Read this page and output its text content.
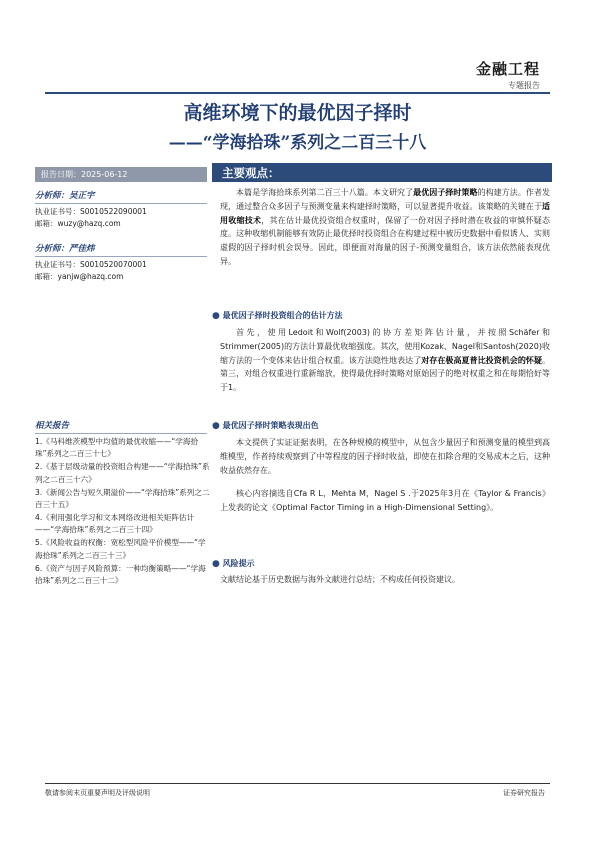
金融工程
专题报告
高维环境下的最优因子择时
——“学海拾珠”系列之二百三十八
报告日期：2025-06-12
分析师：吴正宇
执业证书号：S0010522090001
邮箱：wuzy@hazq.com
分析师：严佳炜
执业证书号：S0010520070001
邮箱：yanjw@hazq.com
相关报告
1.《马科维茨模型中均值的最优收缩——“学海拾珠”系列之二百三十七》
2.《基于层级动量的投资组合构建——“学海拾珠”系列之二百三十六》
3.《新闻公告与短久期溢价——“学海拾珠”系列之二百三十五》
4.《利用强化学习和文本网络改进相关矩阵估计——“学海拾珠”系列之二百三十四》
5.《风险收益的权衡：宽松型风险平价模型——“学海拾珠”系列之二百三十三》
6.《资产与因子风险预算：一种均衡策略——“学海拾珠”系列之二百三十二》
主要观点：

本篇是学海拾珠系列第二百三十八篇。本文研究了最优因子择时策略的构建方法。作者发现，通过整合众多因子与预测变量来构建择时策略，可以显著提升收益。该策略的关键在于适用收缩技术，其在估计最优投资组合权重时，保留了一份对因子择时潜在收益的审慎怀疑态度。这种收缩机制能够有效防止最优择时投资组合在构建过程中被历史数据中看似诱人、实则虚假的因子择时机会误导。因此，即便面对海量的因子-预测变量组合，该方法依然能表现优异。

● 最优因子择时投资组合的估计方法

首先，使用Ledoit和Wolf(2003)的协方差矩阵估计量，并按照Schäfer和Strimmer(2005)的方法计算最优收缩强度。其次，使用Kozak、Nagel和Santosh(2020)收缩方法的一个变体来估计组合权重。该方法隐性地表达了对存在极高夏普比投资机会的怀疑。第三，对组合权重进行重新缩放，使得最优择时策略对原始因子的绝对权重之和在每期恰好等于1。

● 最优因子择时策略表现出色

本文提供了实证证据表明，在各种规模的模型中，从包含少量因子和预测变量的模型到高维模型，作者持续观察到了中等程度的因子择时收益，即使在扣除合理的交易成本之后，这种收益依然存在。

核心内容摘选自Cfa R L，Mehta M，Nagel S .于2025年3月在《Taylor & Francis》上发表的论文《Optimal Factor Timing in a High-Dimensional Setting》。

● 风险提示

文献结论基于历史数据与海外文献进行总结；不构成任何投资建议。

敬请参阅末页重要声明及评级说明	证券研究报告
